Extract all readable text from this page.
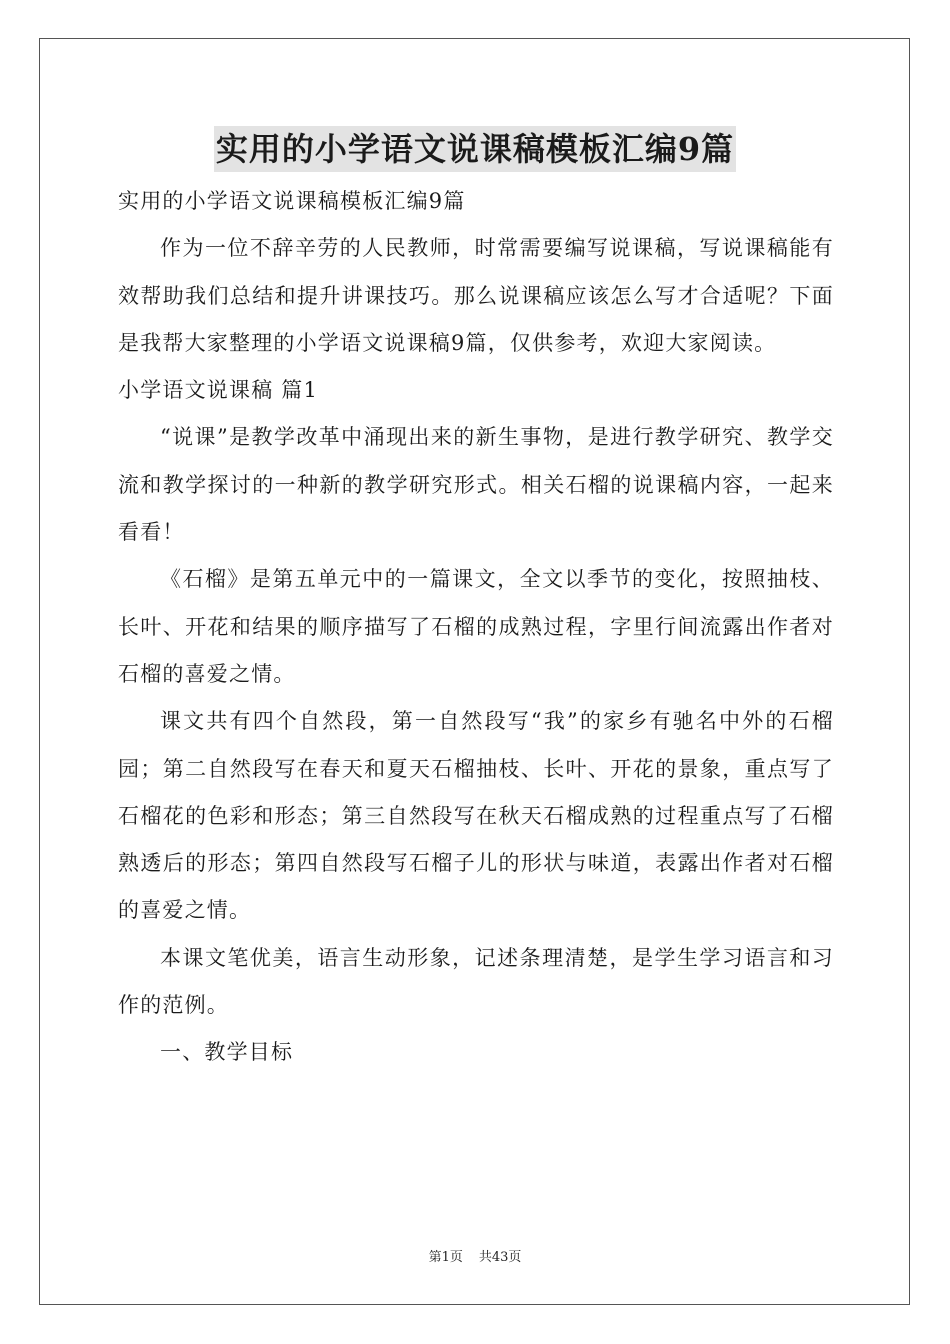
实用的小学语文说课稿模板汇编9篇

实用的小学语文说课稿模板汇编9篇

作为一位不辞辛劳的人民教师，时常需要编写说课稿，写说课稿能有效帮助我们总结和提升讲课技巧。那么说课稿应该怎么写才合适呢？下面是我帮大家整理的小学语文说课稿9篇，仅供参考，欢迎大家阅读。

小学语文说课稿 篇1

“说课”是教学改革中涌现出来的新生事物，是进行教学研究、教学交流和教学探讨的一种新的教学研究形式。相关石榴的说课稿内容，一起来看看！

《石榴》是第五单元中的一篇课文，全文以季节的变化，按照抽枝、长叶、开花和结果的顺序描写了石榴的成熟过程，字里行间流露出作者对石榴的喜爱之情。

课文共有四个自然段，第一自然段写“我”的家乡有驰名中外的石榴园；第二自然段写在春天和夏天石榴抽枝、长叶、开花的景象，重点写了石榴花的色彩和形态；第三自然段写在秋天石榴成熟的过程重点写了石榴熟透后的形态；第四自然段写石榴子儿的形状与味道，表露出作者对石榴的喜爱之情。

本课文笔优美，语言生动形象，记述条理清楚，是学生学习语言和习作的范例。

一、教学目标

第1页 共43页
